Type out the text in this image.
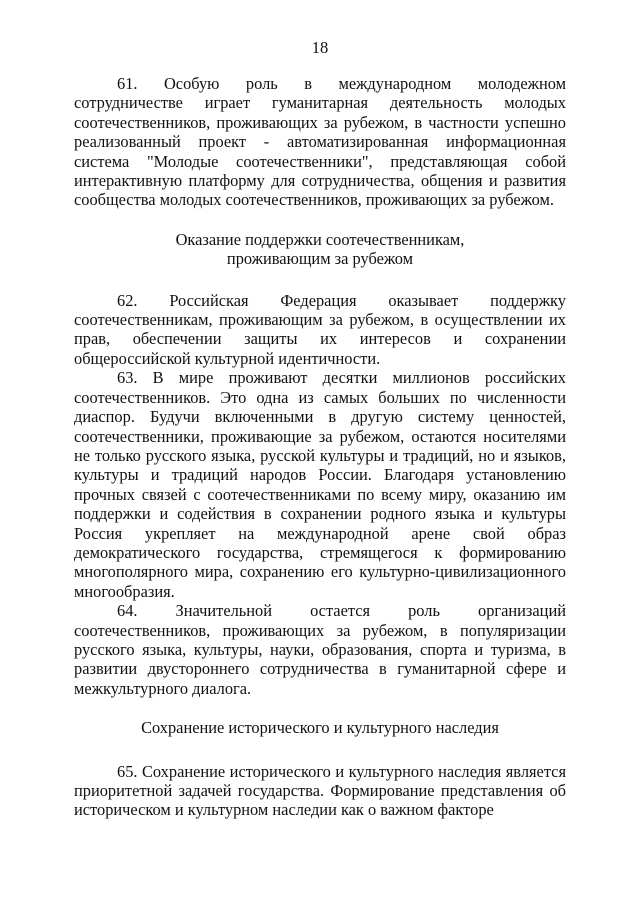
18

61. Особую роль в международном молодежном сотрудничестве играет гуманитарная деятельность молодых соотечественников, проживающих за рубежом, в частности успешно реализованный проект - автоматизированная информационная система "Молодые соотечественники", представляющая собой интерактивную платформу для сотрудничества, общения и развития сообщества молодых соотечественников, проживающих за рубежом.

Оказание поддержки соотечественникам,
проживающим за рубежом

62. Российская Федерация оказывает поддержку соотечественникам, проживающим за рубежом, в осуществлении их прав, обеспечении защиты их интересов и сохранении общероссийской культурной идентичности.

63. В мире проживают десятки миллионов российских соотечественников. Это одна из самых больших по численности диаспор. Будучи включенными в другую систему ценностей, соотечественники, проживающие за рубежом, остаются носителями не только русского языка, русской культуры и традиций, но и языков, культуры и традиций народов России. Благодаря установлению прочных связей с соотечественниками по всему миру, оказанию им поддержки и содействия в сохранении родного языка и культуры Россия укрепляет на международной арене свой образ демократического государства, стремящегося к формированию многополярного мира, сохранению его культурно-цивилизационного многообразия.

64. Значительной остается роль организаций соотечественников, проживающих за рубежом, в популяризации русского языка, культуры, науки, образования, спорта и туризма, в развитии двустороннего сотрудничества в гуманитарной сфере и межкультурного диалога.

Сохранение исторического и культурного наследия

65. Сохранение исторического и культурного наследия является приоритетной задачей государства. Формирование представления об историческом и культурном наследии как о важном факторе
